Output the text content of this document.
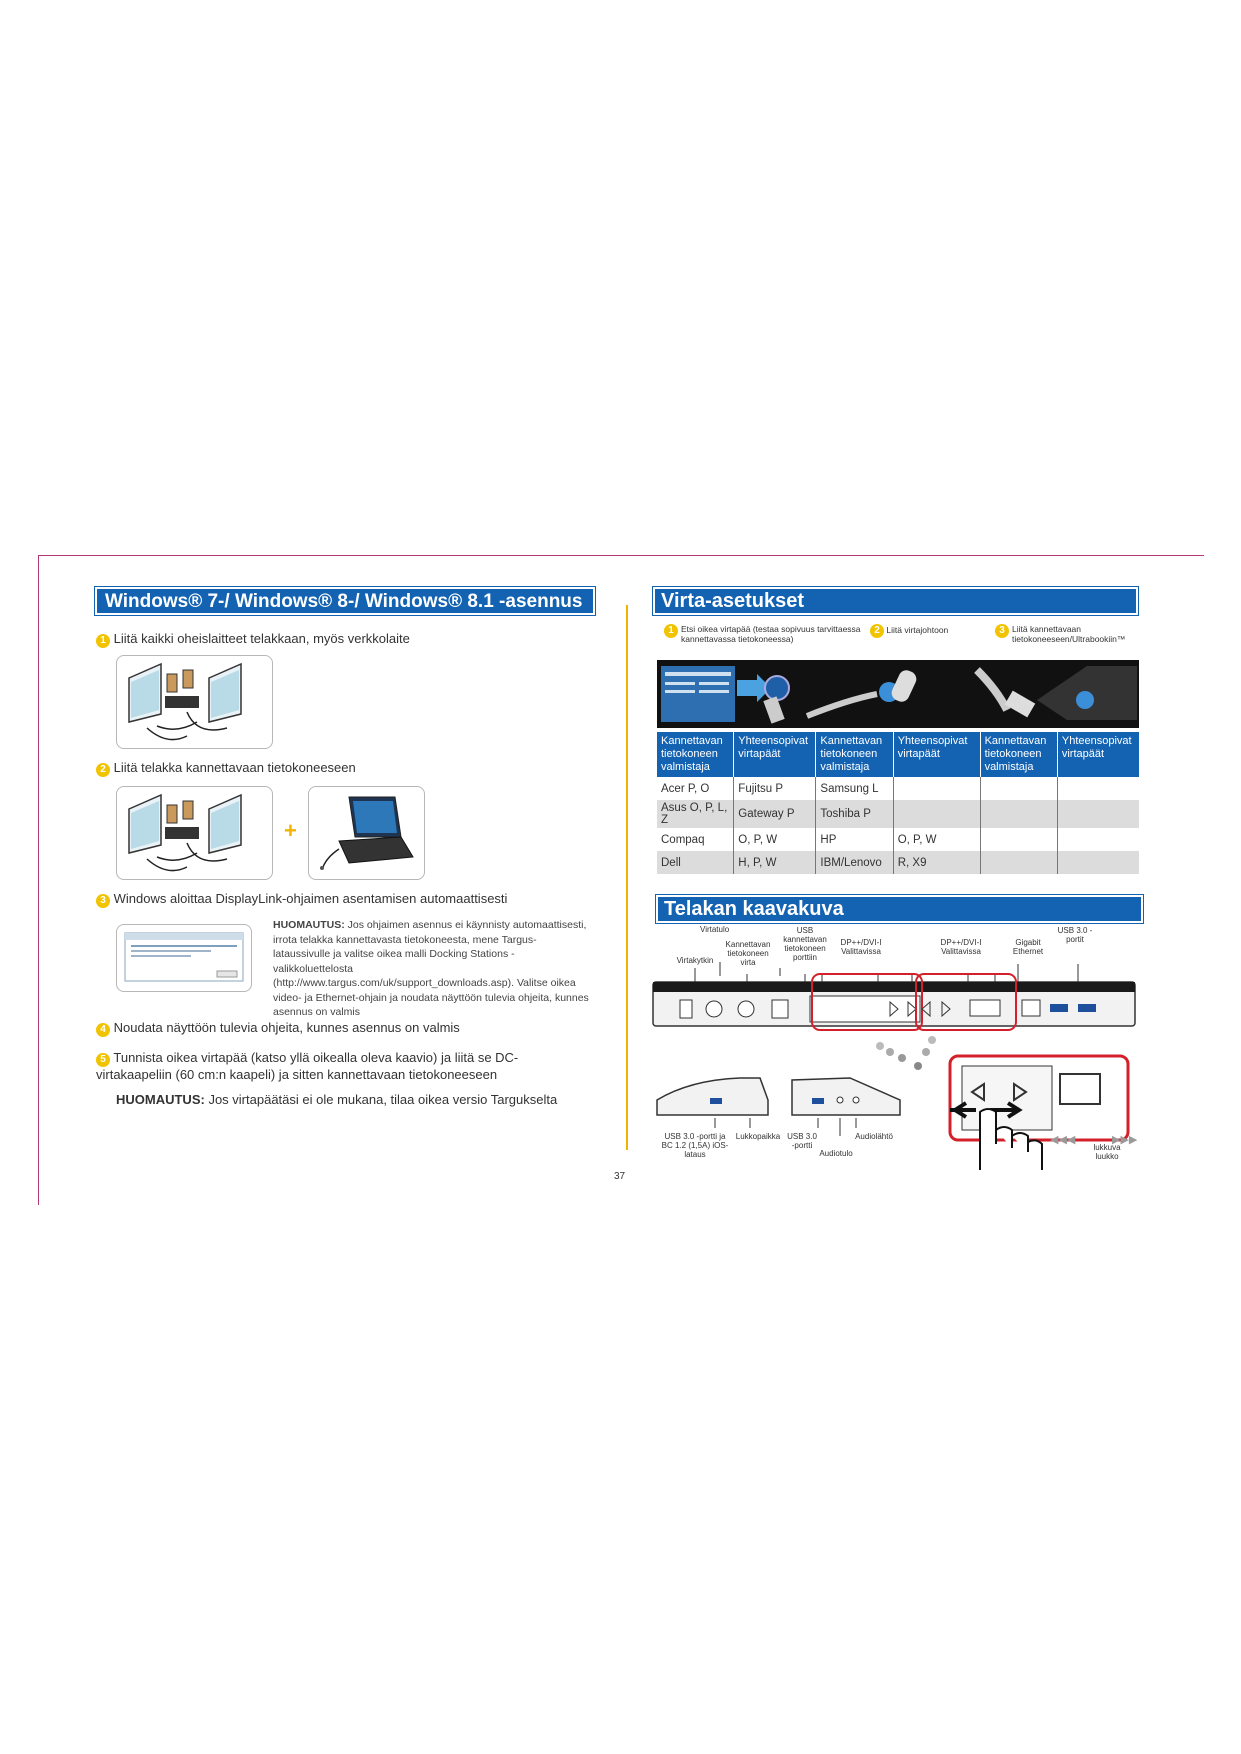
Windows® 7-/ Windows® 8-/ Windows® 8.1 -asennus
1 Liitä kaikki oheislaitteet telakkaan, myös verkkolaite
2 Liitä telakka kannettavaan tietokoneeseen
+
3 Windows aloittaa DisplayLink-ohjaimen asentamisen automaattisesti
HUOMAUTUS: Jos ohjaimen asennus ei käynnisty automaattisesti, irrota telakka kannettavasta tietokoneesta, mene Targus-lataussivulle ja valitse oikea malli Docking Stations -valikkoluettelosta (http://www.targus.com/uk/support_downloads.asp). Valitse oikea video- ja Ethernet-ohjain ja noudata näyttöön tulevia ohjeita, kunnes asennus on valmis
4 Noudata näyttöön tulevia ohjeita, kunnes asennus on valmis
5 Tunnista oikea virtapää (katso yllä oikealla oleva kaavio) ja liitä se DC-virtakaapeliin (60 cm:n kaapeli) ja sitten kannettavaan tietokoneeseen
HUOMAUTUS: Jos virtapäätäsi ei ole mukana, tilaa oikea versio Targukselta
Virta-asetukset
1 Etsi oikea virtapää (testaa sopivuus tarvittaessa kannettavassa tietokoneessa)
2 Liitä virtajohtoon	3 Liitä kannettavaan tietokoneeseen/Ultrabookiin™
Kannettavan tietokoneen valmistaja	Yhteensopivat virtapäät	Kannettavan tietokoneen valmistaja	Yhteensopivat virtapäät	Kannettavan tietokoneen valmistaja	Yhteensopivat virtapäät
Acer P, O	Fujitsu P	Samsung L			
Asus O, P, L, Z	Gateway P	Toshiba P			
Compaq	O, P, W	HP	O, P, W		
Dell	H, P, W	IBM/Lenovo	R, X9		
Telakan kaavakuva
Virtatulo
Virtakytkin
Kannettavan tietokoneen virta
USB kannettavan tietokoneen porttiin
DP++/DVI-I Valittavissa
DP++/DVI-I Valittavissa
Gigabit Ethernet
USB 3.0 -portit
◀◀◀	▶▶▶
USB 3.0 -portti ja BC 1.2 (1,5A) iOS-lataus
Lukkopaikka USB 3.0 -portti
Audiotulo
Audiolähtö
lukkuva luukko
37
